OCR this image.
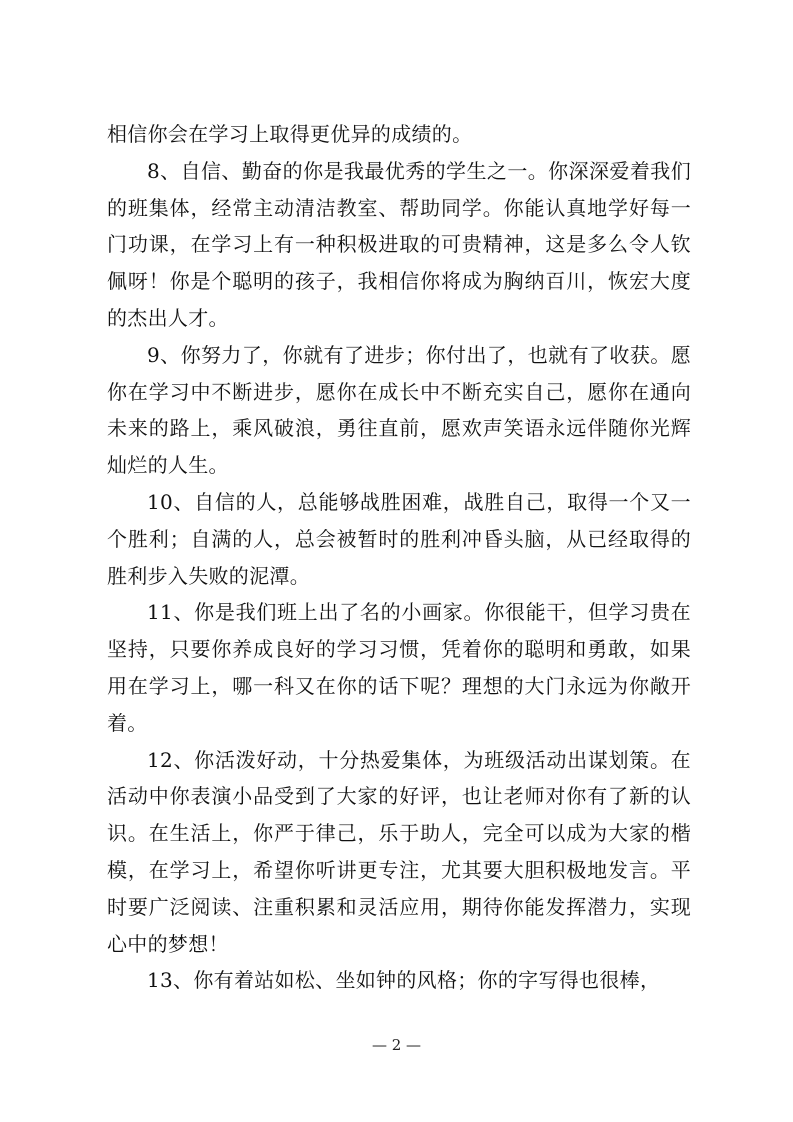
相信你会在学习上取得更优异的成绩的。

8、自信、勤奋的你是我最优秀的学生之一。你深深爱着我们的班集体，经常主动清洁教室、帮助同学。你能认真地学好每一门功课，在学习上有一种积极进取的可贵精神，这是多么令人钦佩呀！你是个聪明的孩子，我相信你将成为胸纳百川，恢宏大度的杰出人才。

9、你努力了，你就有了进步；你付出了，也就有了收获。愿你在学习中不断进步，愿你在成长中不断充实自己，愿你在通向未来的路上，乘风破浪，勇往直前，愿欢声笑语永远伴随你光辉灿烂的人生。

10、自信的人，总能够战胜困难，战胜自己，取得一个又一个胜利；自满的人，总会被暂时的胜利冲昏头脑，从已经取得的胜利步入失败的泥潭。

11、你是我们班上出了名的小画家。你很能干，但学习贵在坚持，只要你养成良好的学习习惯，凭着你的聪明和勇敢，如果用在学习上，哪一科又在你的话下呢？理想的大门永远为你敞开着。

12、你活泼好动，十分热爱集体，为班级活动出谋划策。在活动中你表演小品受到了大家的好评，也让老师对你有了新的认识。在生活上，你严于律己，乐于助人，完全可以成为大家的楷模，在学习上，希望你听讲更专注，尤其要大胆积极地发言。平时要广泛阅读、注重积累和灵活应用，期待你能发挥潜力，实现心中的梦想！

13、你有着站如松、坐如钟的风格；你的字写得也很棒，

— 2 —
